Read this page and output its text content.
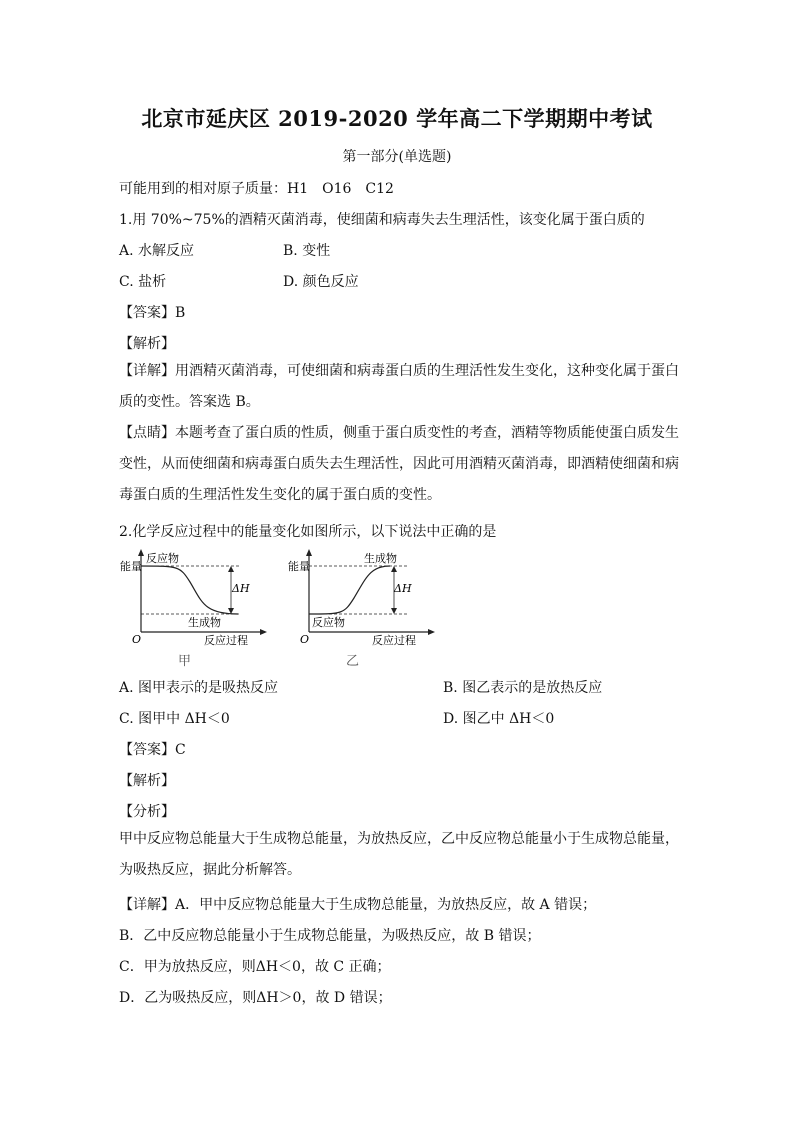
北京市延庆区 2019-2020 学年高二下学期期中考试
第一部分(单选题)
可能用到的相对原子质量：H1　O16　C12
1.用 70%~75%的酒精灭菌消毒，使细菌和病毒失去生理活性，该变化属于蛋白质的
A. 水解反应	B. 变性
C. 盐析	D. 颜色反应
【答案】B
【解析】
【详解】用酒精灭菌消毒，可使细菌和病毒蛋白质的生理活性发生变化，这种变化属于蛋白质的变性。答案选 B。
【点睛】本题考查了蛋白质的性质，侧重于蛋白质变性的考查，酒精等物质能使蛋白质发生变性，从而使细菌和病毒蛋白质失去生理活性，因此可用酒精灭菌消毒，即酒精使细菌和病毒蛋白质的生理活性发生变化的属于蛋白质的变性。
2.化学反应过程中的能量变化如图所示，以下说法中正确的是
能量
反应物
生成物
ΔH
O	反应过程
甲
能量
生成物
反应物
ΔH
O	反应过程
乙
A. 图甲表示的是吸热反应	B. 图乙表示的是放热反应
C. 图甲中 ΔH＜0	D. 图乙中 ΔH＜0
【答案】C
【解析】
【分析】
甲中反应物总能量大于生成物总能量，为放热反应，乙中反应物总能量小于生成物总能量，为吸热反应，据此分析解答。
【详解】A．甲中反应物总能量大于生成物总能量，为放热反应，故 A 错误；
B．乙中反应物总能量小于生成物总能量，为吸热反应，故 B 错误；
C．甲为放热反应，则ΔH＜0，故 C 正确；
D．乙为吸热反应，则ΔH＞0，故 D 错误；
